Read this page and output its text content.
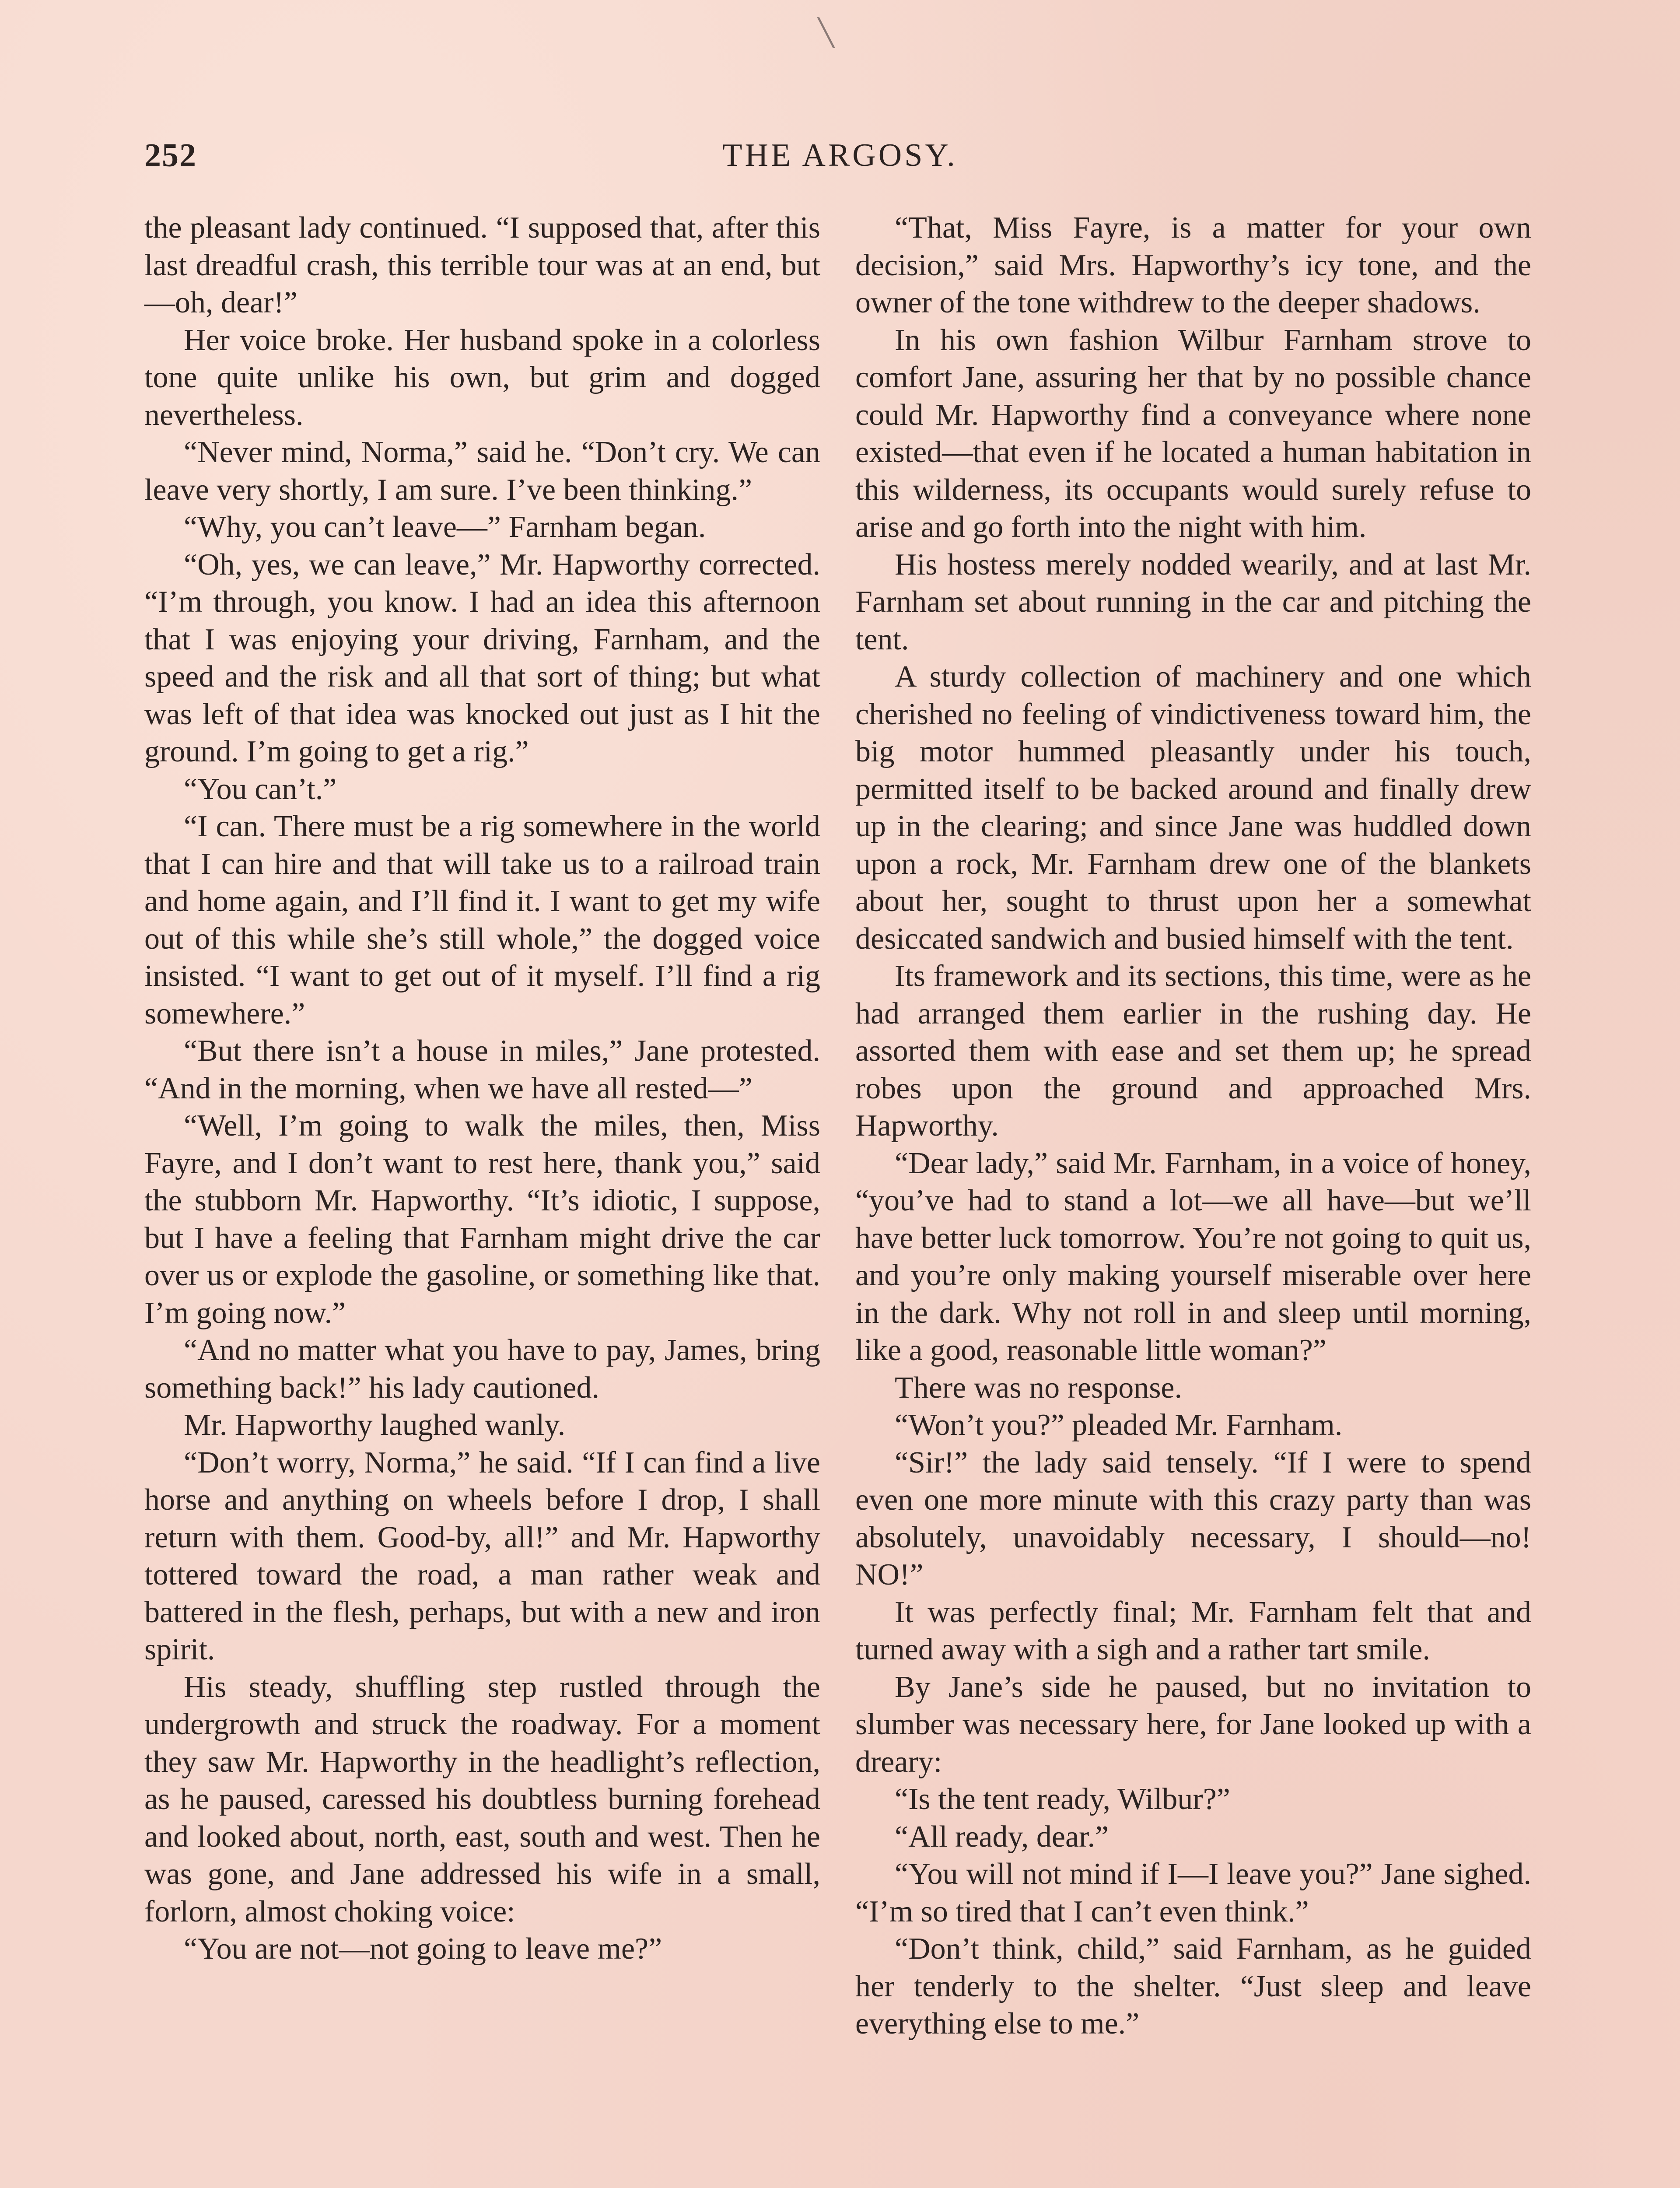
252	THE ARGOSY.

the pleasant lady continued. “I supposed that, after this last dreadful crash, this terrible tour was at an end, but—oh, dear!”

Her voice broke. Her husband spoke in a colorless tone quite unlike his own, but grim and dogged nevertheless.

“Never mind, Norma,” said he. “Don’t cry. We can leave very shortly, I am sure. I’ve been thinking.”

“Why, you can’t leave—” Farnham began.

“Oh, yes, we can leave,” Mr. Hapworthy corrected. “I’m through, you know. I had an idea this afternoon that I was enjoying your driving, Farnham, and the speed and the risk and all that sort of thing; but what was left of that idea was knocked out just as I hit the ground. I’m going to get a rig.”

“You can’t.”

“I can. There must be a rig somewhere in the world that I can hire and that will take us to a railroad train and home again, and I’ll find it. I want to get my wife out of this while she’s still whole,” the dogged voice insisted. “I want to get out of it myself. I’ll find a rig somewhere.”

“But there isn’t a house in miles,” Jane protested. “And in the morning, when we have all rested—”

“Well, I’m going to walk the miles, then, Miss Fayre, and I don’t want to rest here, thank you,” said the stubborn Mr. Hapworthy. “It’s idiotic, I suppose, but I have a feeling that Farnham might drive the car over us or explode the gasoline, or something like that. I’m going now.”

“And no matter what you have to pay, James, bring something back!” his lady cautioned.

Mr. Hapworthy laughed wanly.

“Don’t worry, Norma,” he said. “If I can find a live horse and anything on wheels before I drop, I shall return with them. Good-by, all!” and Mr. Hapworthy tottered toward the road, a man rather weak and battered in the flesh, perhaps, but with a new and iron spirit.

His steady, shuffling step rustled through the undergrowth and struck the roadway. For a moment they saw Mr. Hapworthy in the headlight’s reflection, as he paused, caressed his doubtless burning forehead and looked about, north, east, south and west. Then he was gone, and Jane addressed his wife in a small, forlorn, almost choking voice:

“You are not—not going to leave me?”

“That, Miss Fayre, is a matter for your own decision,” said Mrs. Hapworthy’s icy tone, and the owner of the tone withdrew to the deeper shadows.

In his own fashion Wilbur Farnham strove to comfort Jane, assuring her that by no possible chance could Mr. Hapworthy find a conveyance where none existed—that even if he located a human habitation in this wilderness, its occupants would surely refuse to arise and go forth into the night with him.

His hostess merely nodded wearily, and at last Mr. Farnham set about running in the car and pitching the tent.

A sturdy collection of machinery and one which cherished no feeling of vindictiveness toward him, the big motor hummed pleasantly under his touch, permitted itself to be backed around and finally drew up in the clearing; and since Jane was huddled down upon a rock, Mr. Farnham drew one of the blankets about her, sought to thrust upon her a somewhat desiccated sandwich and busied himself with the tent.

Its framework and its sections, this time, were as he had arranged them earlier in the rushing day. He assorted them with ease and set them up; he spread robes upon the ground and approached Mrs. Hapworthy.

“Dear lady,” said Mr. Farnham, in a voice of honey, “you’ve had to stand a lot—we all have—but we’ll have better luck tomorrow. You’re not going to quit us, and you’re only making yourself miserable over here in the dark. Why not roll in and sleep until morning, like a good, reasonable little woman?”

There was no response.

“Won’t you?” pleaded Mr. Farnham.

“Sir!” the lady said tensely. “If I were to spend even one more minute with this crazy party than was absolutely, unavoidably necessary, I should—no! NO!”

It was perfectly final; Mr. Farnham felt that and turned away with a sigh and a rather tart smile.

By Jane’s side he paused, but no invitation to slumber was necessary here, for Jane looked up with a dreary:

“Is the tent ready, Wilbur?”

“All ready, dear.”

“You will not mind if I—I leave you?” Jane sighed. “I’m so tired that I can’t even think.”

“Don’t think, child,” said Farnham, as he guided her tenderly to the shelter. “Just sleep and leave everything else to me.”

╲
